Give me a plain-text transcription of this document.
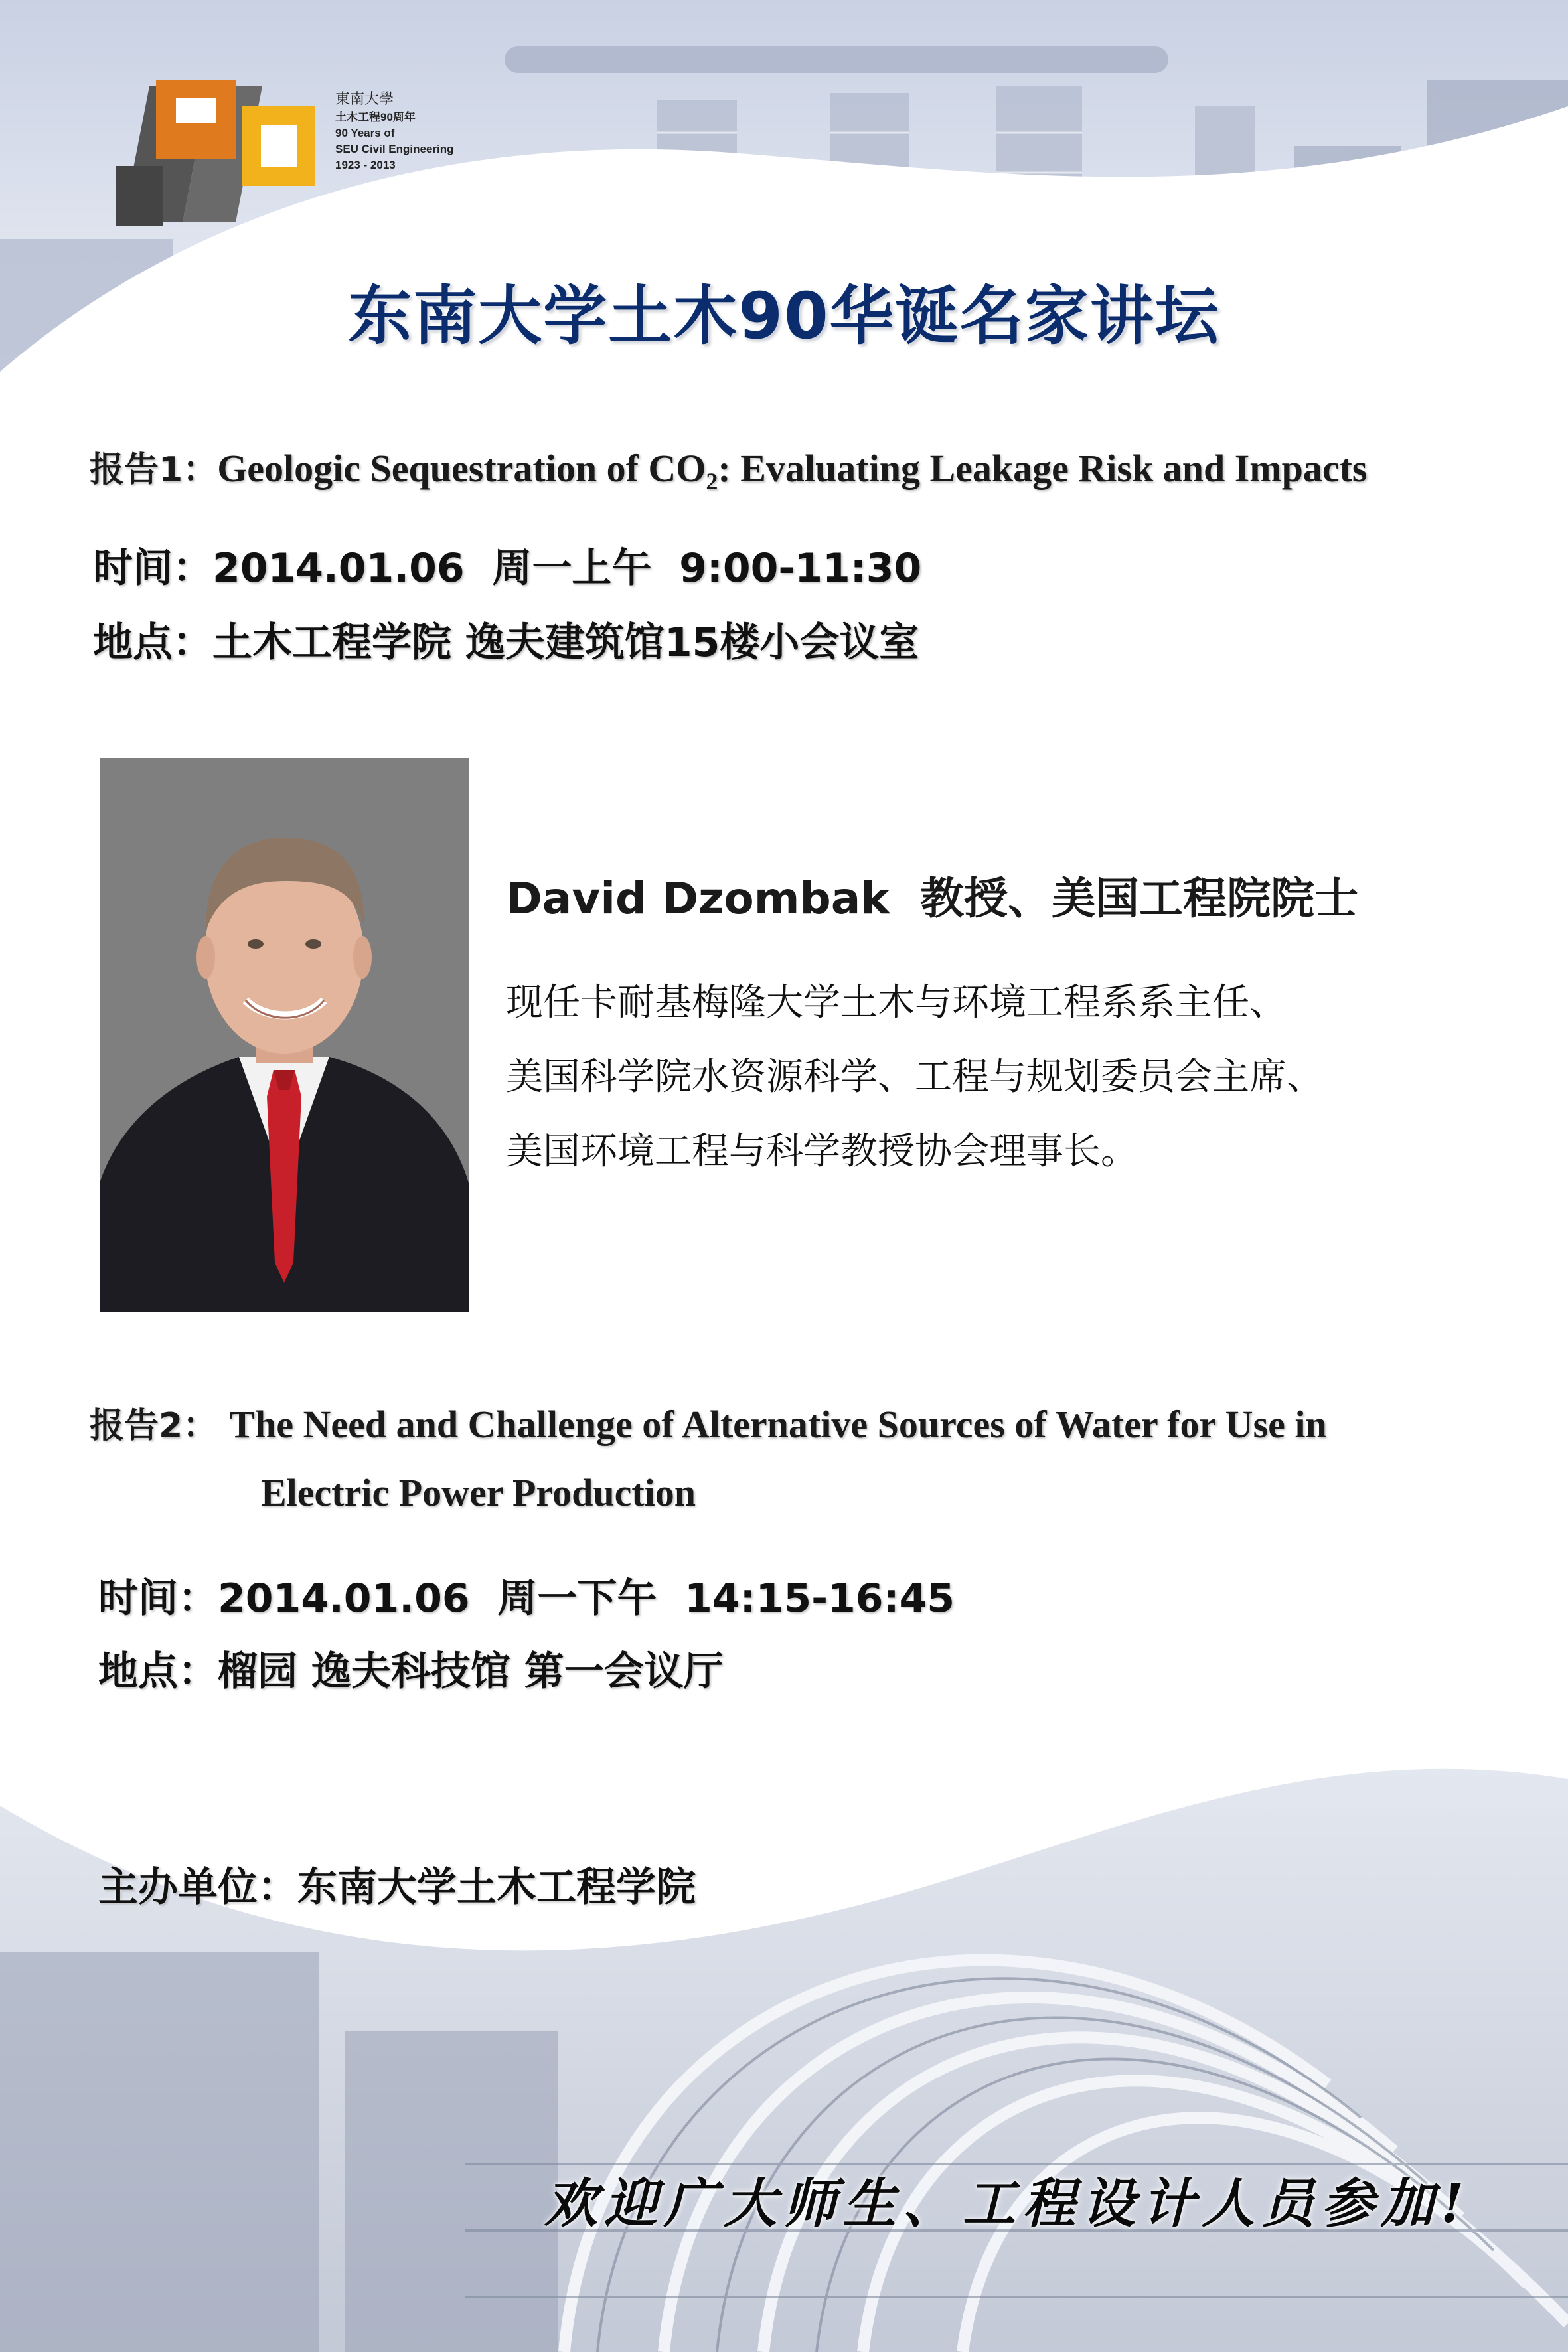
東南大學
土木工程90周年
90 Years of
SEU Civil Engineering
1923 - 2013
东南大学土木90华诞名家讲坛
报告1：Geologic Sequestration of $CO_2$: Evaluating Leakage Risk and Impacts
时间：2014.01.06  周一上午  9:00-11:30
地点：土木工程学院 逸夫建筑馆15楼小会议室
David Dzombak  教授、美国工程院院士
现任卡耐基梅隆大学土木与环境工程系系主任、
美国科学院水资源科学、工程与规划委员会主席、
美国环境工程与科学教授协会理事长。
报告2： The Need and Challenge of Alternative Sources of Water for Use in
Electric Power Production
时间：2014.01.06  周一下午  14:15-16:45
地点：榴园 逸夫科技馆 第一会议厅
主办单位：东南大学土木工程学院
欢迎广大师生、工程设计人员参加!
